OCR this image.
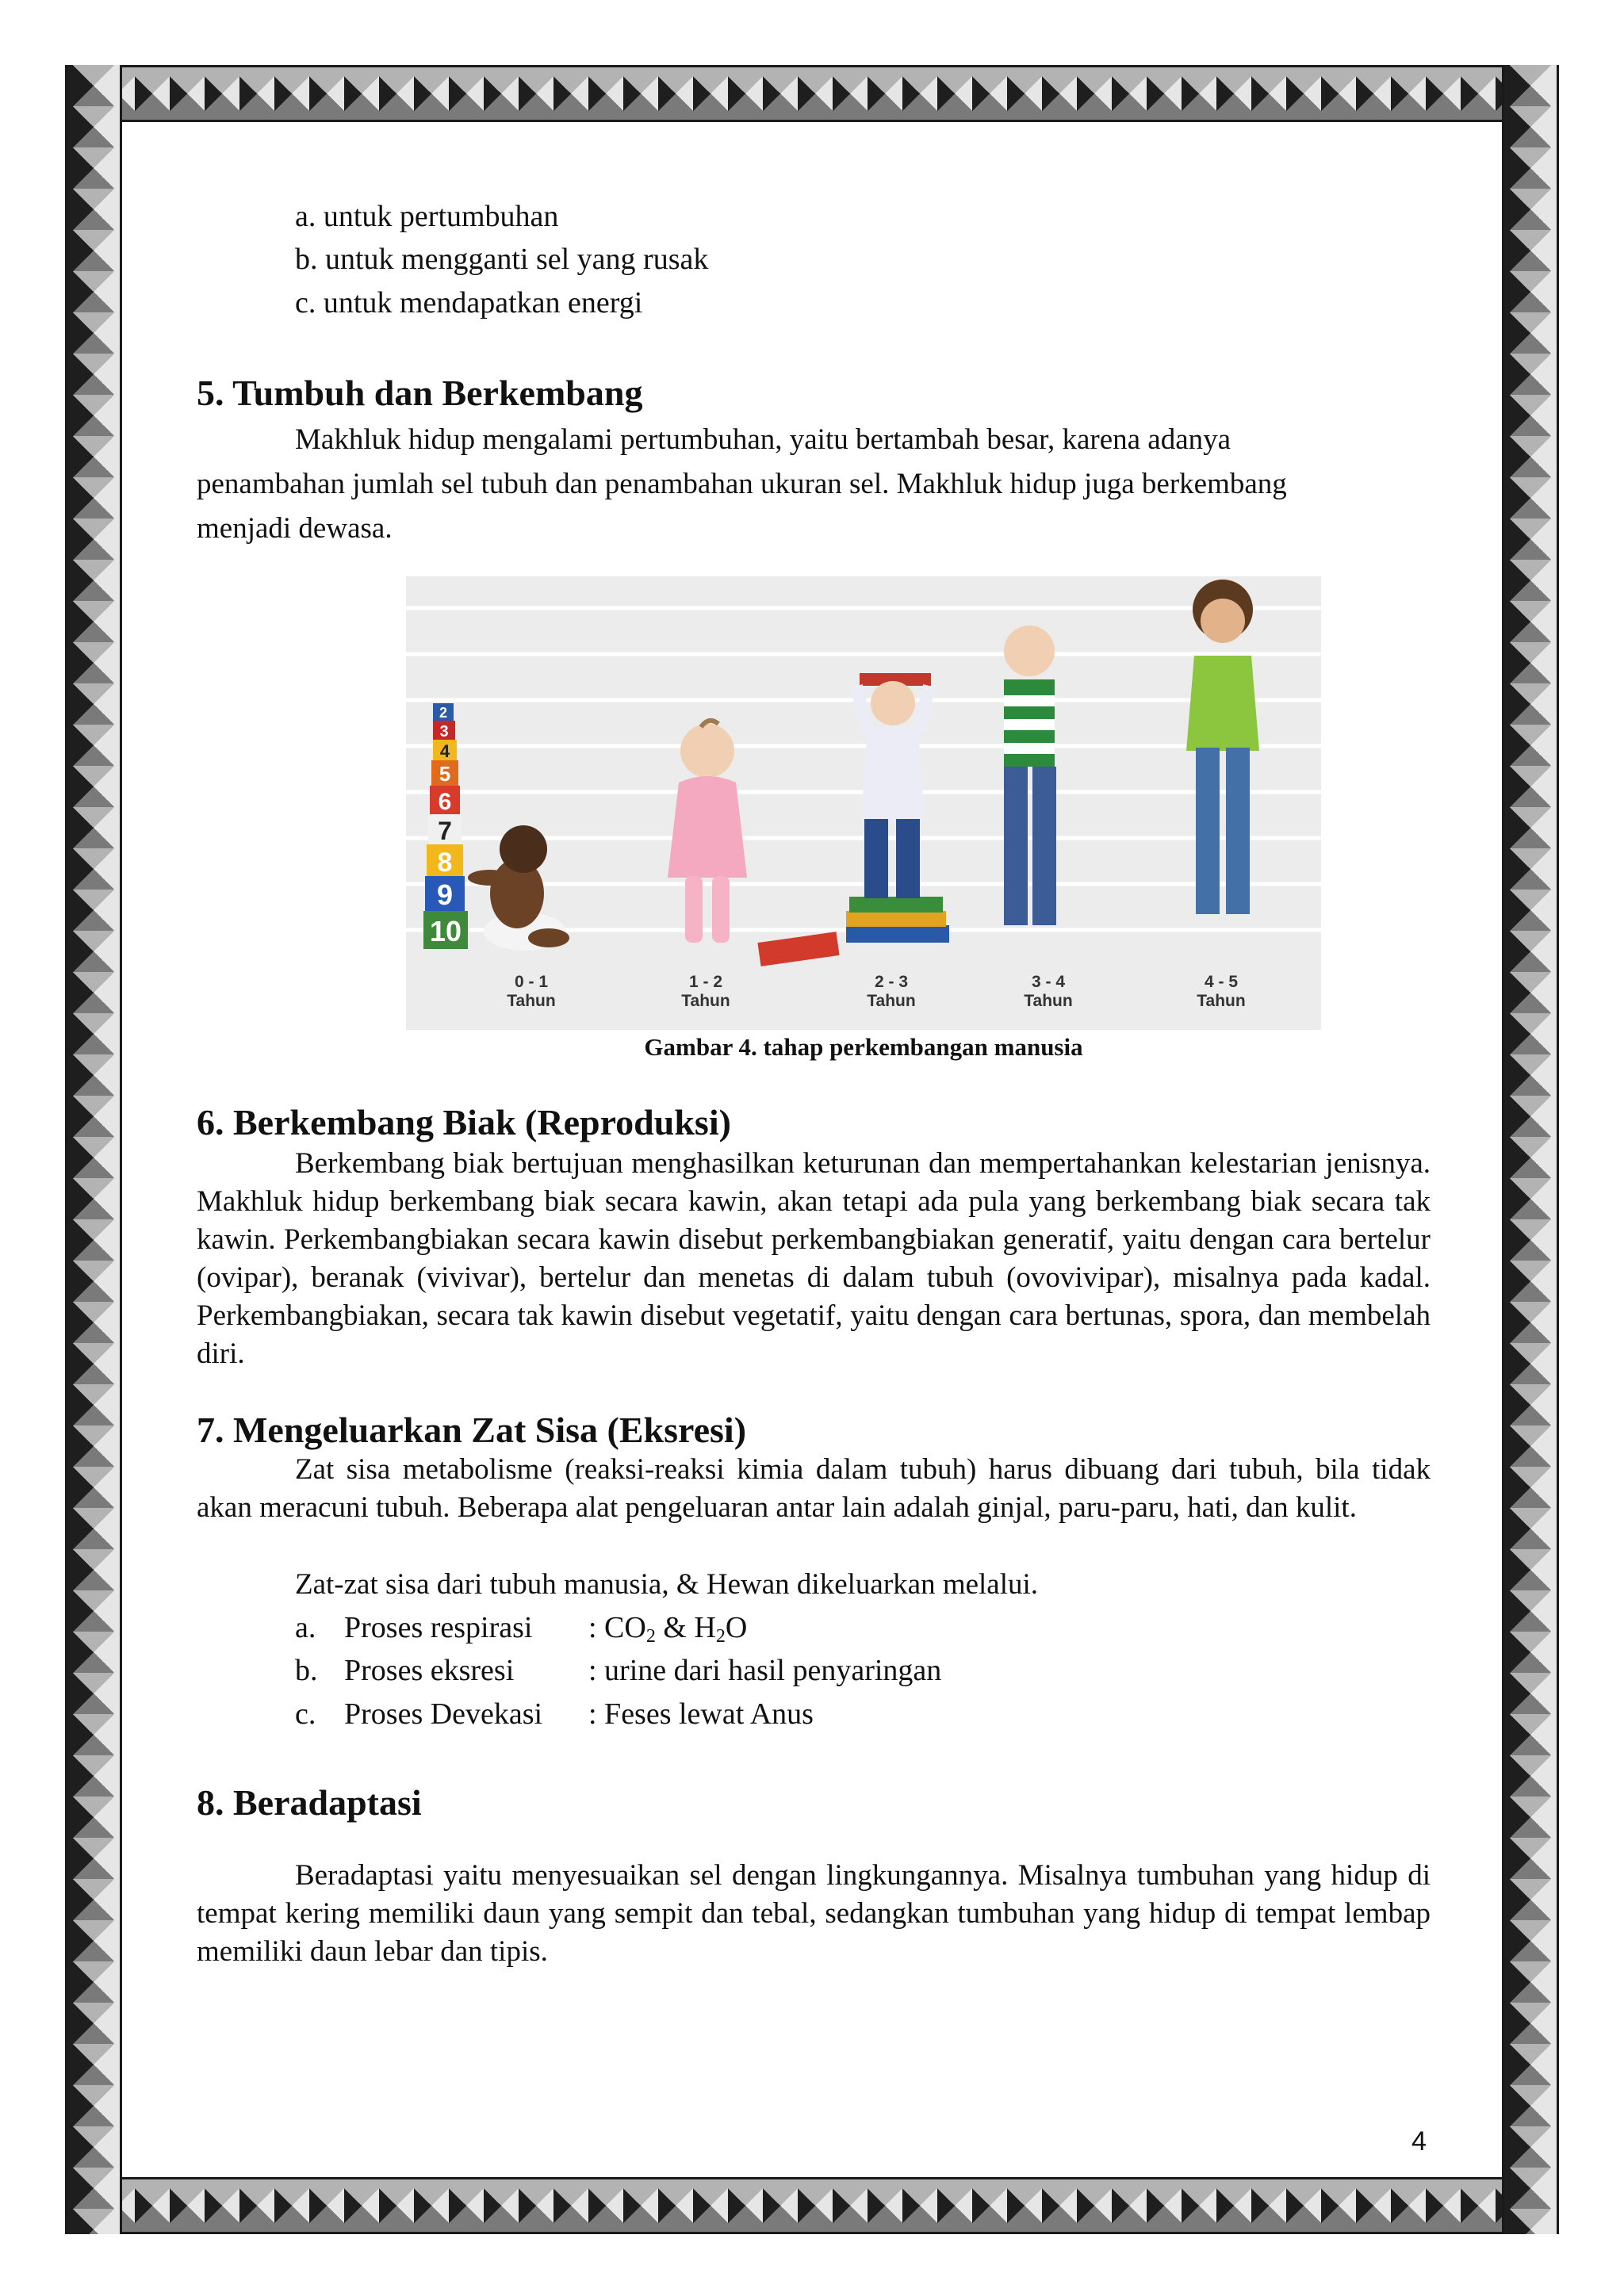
a. untuk pertumbuhan
b. untuk mengganti sel yang rusak
c. untuk mendapatkan energi
5. Tumbuh dan Berkembang
Makhluk hidup mengalami pertumbuhan, yaitu bertambah besar, karena adanya
penambahan jumlah sel tubuh dan penambahan ukuran sel. Makhluk hidup juga berkembang
menjadi dewasa.
2
3
4
5
6
7
8
9
10
0 - 1
Tahun
1 - 2
Tahun
2 - 3
Tahun
3 - 4
Tahun
4 - 5
Tahun
Gambar 4. tahap perkembangan manusia
6. Berkembang Biak (Reproduksi)

Berkembang biak bertujuan menghasilkan keturunan dan mempertahankan kelestarian jenisnya. Makhluk hidup berkembang biak secara kawin, akan tetapi ada pula yang berkembang biak secara tak kawin. Perkembangbiakan secara kawin disebut perkembangbiakan generatif, yaitu dengan cara bertelur (ovipar), beranak (vivivar), bertelur dan menetas di dalam tubuh (ovovivipar), misalnya pada kadal. Perkembangbiakan, secara tak kawin disebut vegetatif, yaitu dengan cara bertunas, spora, dan membelah diri.

7. Mengeluarkan Zat Sisa (Eksresi)

Zat sisa metabolisme (reaksi-reaksi kimia dalam tubuh) harus dibuang dari tubuh, bila tidak akan meracuni tubuh. Beberapa alat pengeluaran antar lain adalah ginjal, paru-paru, hati, dan kulit.

Zat-zat sisa dari tubuh manusia, & Hewan dikeluarkan melalui.
a. Proses respirasi : $CO_2$ & $H_2O$
b. Proses eksresi : urine dari hasil penyaringan
c. Proses Devekasi : Feses lewat Anus
8. Beradaptasi

Beradaptasi yaitu menyesuaikan sel dengan lingkungannya. Misalnya tumbuhan yang hidup di tempat kering memiliki daun yang sempit dan tebal, sedangkan tumbuhan yang hidup di tempat lembap memiliki daun lebar dan tipis.

4
